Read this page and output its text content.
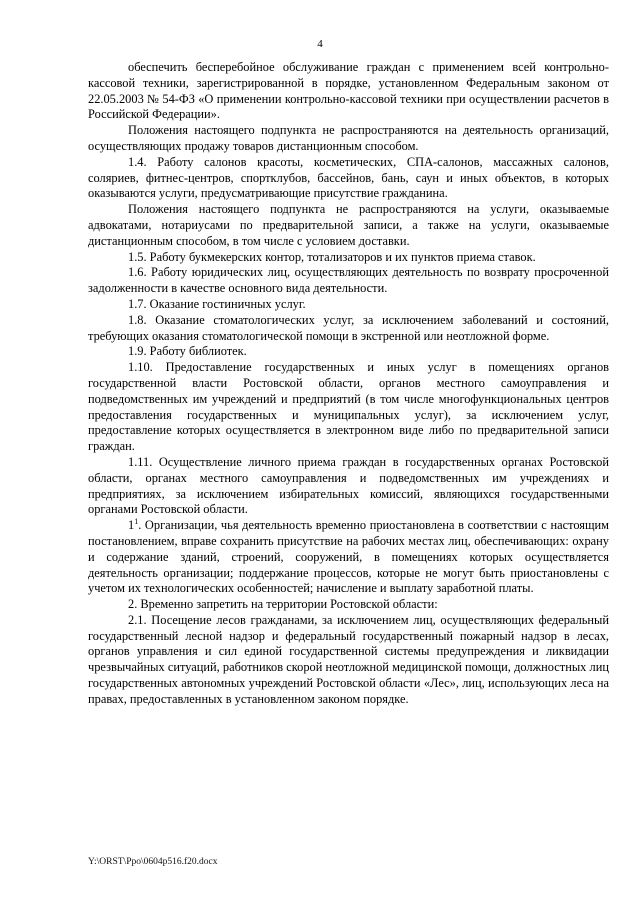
4

обеспечить бесперебойное обслуживание граждан с применением всей контрольно-кассовой техники, зарегистрированной в порядке, установленном Федеральным законом от 22.05.2003 № 54-ФЗ «О применении контрольно-кассовой техники при осуществлении расчетов в Российской Федерации».

Положения настоящего подпункта не распространяются на деятельность организаций, осуществляющих продажу товаров дистанционным способом.

1.4. Работу салонов красоты, косметических, СПА-салонов, массажных салонов, соляриев, фитнес-центров, спортклубов, бассейнов, бань, саун и иных объектов, в которых оказываются услуги, предусматривающие присутствие гражданина.

Положения настоящего подпункта не распространяются на услуги, оказываемые адвокатами, нотариусами по предварительной записи, а также на услуги, оказываемые дистанционным способом, в том числе с условием доставки.

1.5. Работу букмекерских контор, тотализаторов и их пунктов приема ставок.

1.6. Работу юридических лиц, осуществляющих деятельность по возврату просроченной задолженности в качестве основного вида деятельности.

1.7. Оказание гостиничных услуг.

1.8. Оказание стоматологических услуг, за исключением заболеваний и состояний, требующих оказания стоматологической помощи в экстренной или неотложной форме.

1.9. Работу библиотек.

1.10. Предоставление государственных и иных услуг в помещениях органов государственной власти Ростовской области, органов местного самоуправления и подведомственных им учреждений и предприятий (в том числе многофункциональных центров предоставления государственных и муниципальных услуг), за исключением услуг, предоставление которых осуществляется в электронном виде либо по предварительной записи граждан.

1.11. Осуществление личного приема граждан в государственных органах Ростовской области, органах местного самоуправления и подведомственных им учреждениях и предприятиях, за исключением избирательных комиссий, являющихся государственными органами Ростовской области.

$1^1$. Организации, чья деятельность временно приостановлена в соответствии с настоящим постановлением, вправе сохранить присутствие на рабочих местах лиц, обеспечивающих: охрану и содержание зданий, строений, сооружений, в помещениях которых осуществляется деятельность организации; поддержание процессов, которые не могут быть приостановлены с учетом их технологических особенностей; начисление и выплату заработной платы.

2. Временно запретить на территории Ростовской области:

2.1. Посещение лесов гражданами, за исключением лиц, осуществляющих федеральный государственный лесной надзор и федеральный государственный пожарный надзор в лесах, органов управления и сил единой государственной системы предупреждения и ликвидации чрезвычайных ситуаций, работников скорой неотложной медицинской помощи, должностных лиц государственных автономных учреждений Ростовской области «Лес», лиц, использующих леса на правах, предоставленных в установленном законом порядке.

Y:\ORST\Ppo\0604p516.f20.docx
